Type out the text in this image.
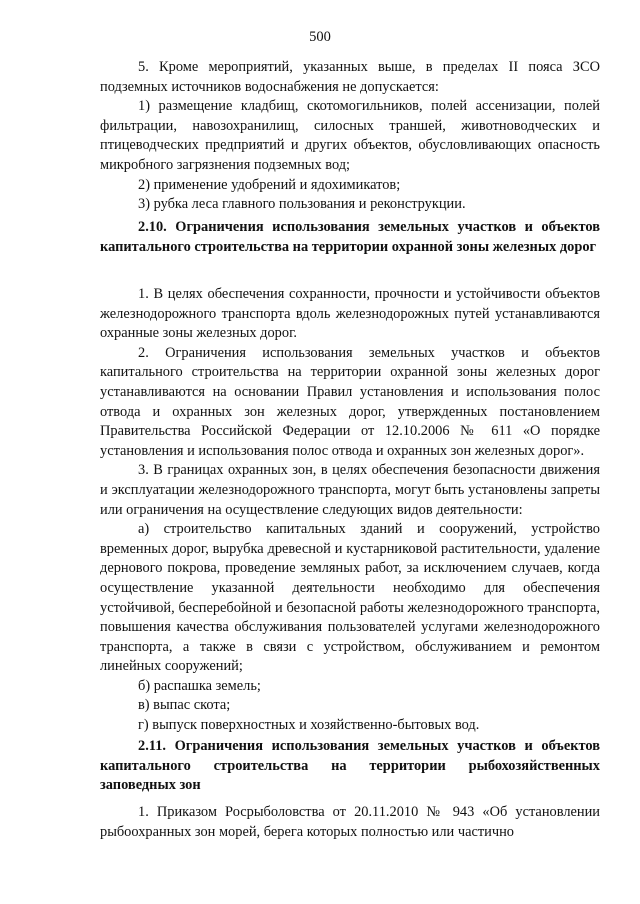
500

5. Кроме мероприятий, указанных выше, в пределах II пояса ЗСО подземных источников водоснабжения не допускается:

1) размещение кладбищ, скотомогильников, полей ассенизации, полей фильтрации, навозохранилищ, силосных траншей, животноводческих и птицеводческих предприятий и других объектов, обусловливающих опасность микробного загрязнения подземных вод;

2) применение удобрений и ядохимикатов;

3) рубка леса главного пользования и реконструкции.

2.10. Ограничения использования земельных участков и объектов капитального строительства на территории охранной зоны железных дорог

1. В целях обеспечения сохранности, прочности и устойчивости объектов железнодорожного транспорта вдоль железнодорожных путей устанавливаются охранные зоны железных дорог.

2. Ограничения использования земельных участков и объектов капитального строительства на территории охранной зоны железных дорог устанавливаются на основании Правил установления и использования полос отвода и охранных зон железных дорог, утвержденных постановлением Правительства Российской Федерации от 12.10.2006 № 611 «О порядке установления и использования полос отвода и охранных зон железных дорог».

3. В границах охранных зон, в целях обеспечения безопасности движения и эксплуатации железнодорожного транспорта, могут быть установлены запреты или ограничения на осуществление следующих видов деятельности:

а) строительство капитальных зданий и сооружений, устройство временных дорог, вырубка древесной и кустарниковой растительности, удаление дернового покрова, проведение земляных работ, за исключением случаев, когда осуществление указанной деятельности необходимо для обеспечения устойчивой, бесперебойной и безопасной работы железнодорожного транспорта, повышения качества обслуживания пользователей услугами железнодорожного транспорта, а также в связи с устройством, обслуживанием и ремонтом линейных сооружений;

б) распашка земель;

в) выпас скота;

г) выпуск поверхностных и хозяйственно-бытовых вод.

2.11. Ограничения использования земельных участков и объектов капитального строительства на территории рыбохозяйственных заповедных зон

1. Приказом Росрыболовства от 20.11.2010 № 943 «Об установлении рыбоохранных зон морей, берега которых полностью или частично
